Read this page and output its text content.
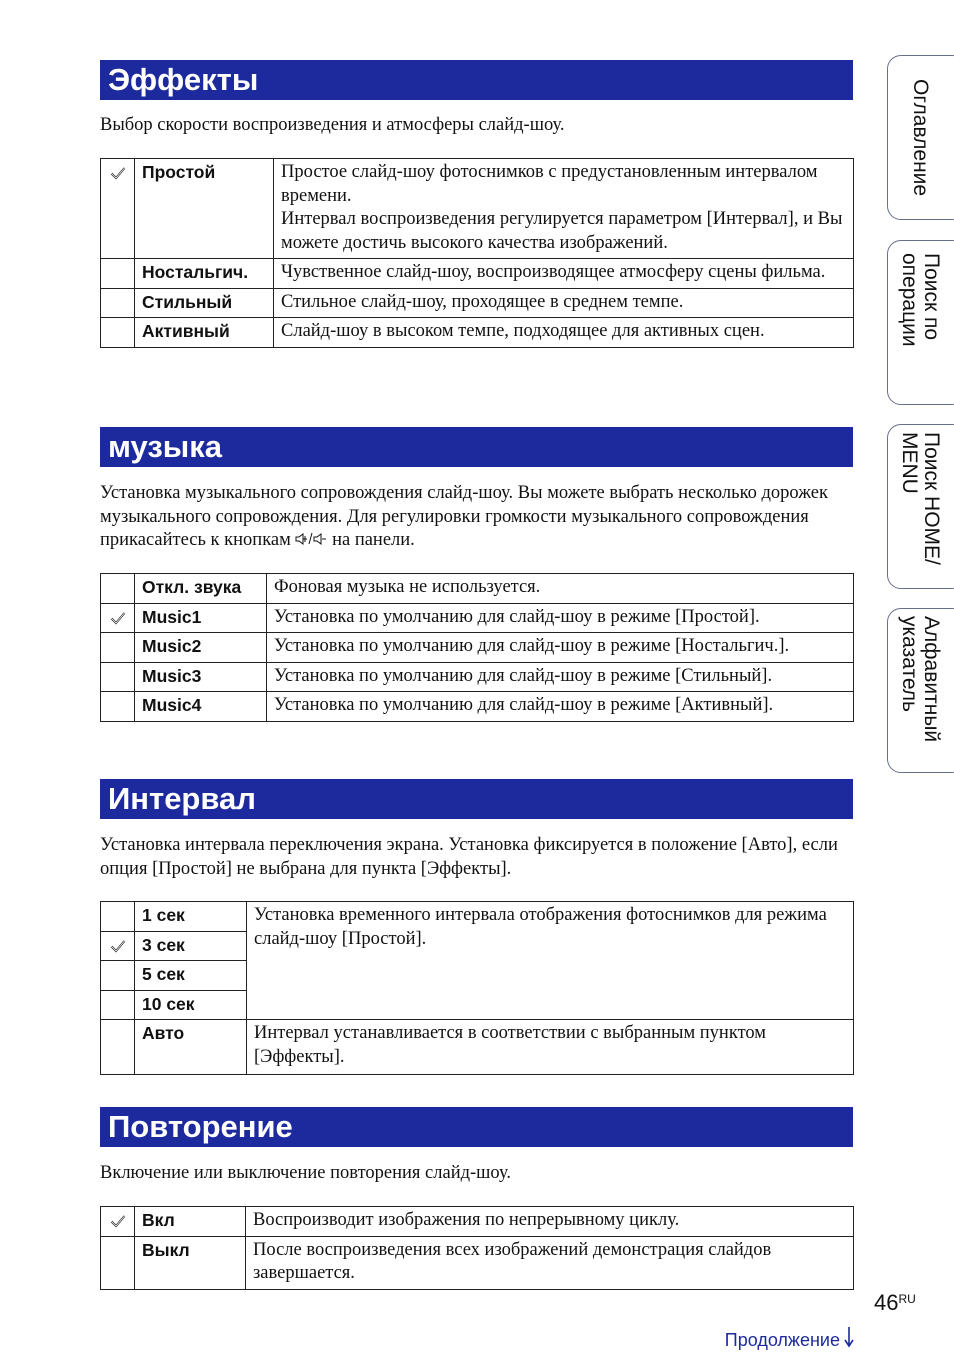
Эффекты
Выбор скорости воспроизведения и атмосферы слайд-шоу.
	Простой	Простое слайд-шоу фотоснимков с предустановленным интервалом времени.
Интервал воспроизведения регулируется параметром [Интервал], и Вы можете достичь высокого качества изображений.
	Ностальгич.	Чувственное слайд-шоу, воспроизводящее атмосферу сцены фильма.
	Стильный	Стильное слайд-шоу, проходящее в среднем темпе.
	Активный	Слайд-шоу в высоком темпе, подходящее для активных сцен.
музыка
Установка музыкального сопровождения слайд-шоу. Вы можете выбрать несколько дорожек музыкального сопровождения. Для регулировки громкости музыкального сопровождения прикасайтесь к кнопкам на панели.
	Откл. звука	Фоновая музыка не используется.
	Music1	Установка по умолчанию для слайд-шоу в режиме [Простой].
	Music2	Установка по умолчанию для слайд-шоу в режиме [Ностальгич.].
	Music3	Установка по умолчанию для слайд-шоу в режиме [Стильный].
	Music4	Установка по умолчанию для слайд-шоу в режиме [Активный].
Интервал
Установка интервала переключения экрана. Установка фиксируется в положение [Авто], если опция [Простой] не выбрана для пункта [Эффекты].
	1 сек	Установка временного интервала отображения фотоснимков для режима слайд-шоу [Простой].
	3 сек	
	5 сек	
	10 сек	
	Авто	Интервал устанавливается в соответствии с выбранным пунктом [Эффекты].
Повторение
Включение или выключение повторения слайд-шоу.
	Вкл	Воспроизводит изображения по непрерывному циклу.
	Выкл	После воспроизведения всех изображений демонстрация слайдов завершается.
Оглавление
Поиск по операции
Поиск HOME/ MENU
Алфавитный указатель
$46^{RU}$
Продолжение
